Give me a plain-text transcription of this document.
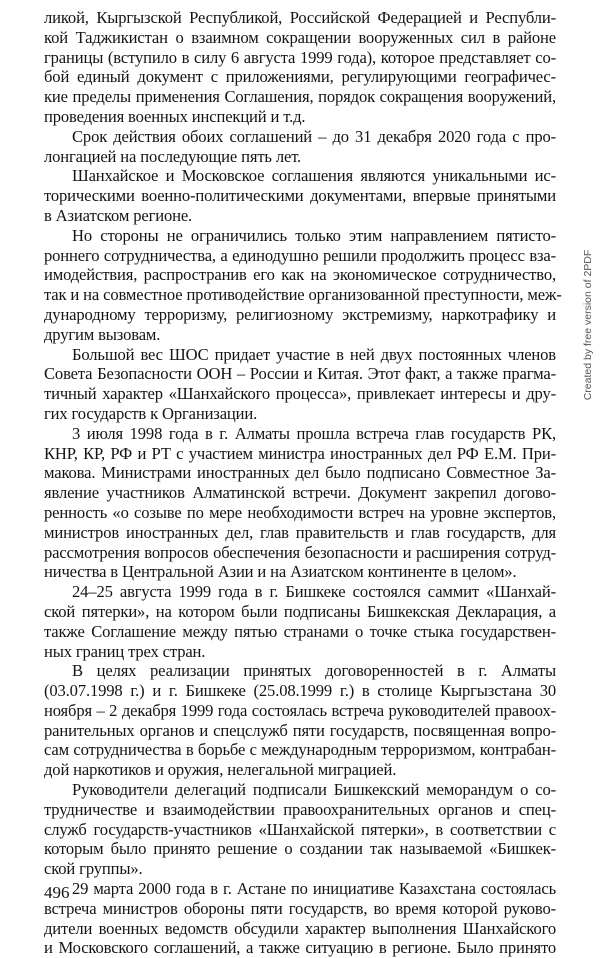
ликой, Кыргызской Республикой, Российской Федерацией и Республи-
кой Таджикистан о взаимном сокращении вооруженных сил в районе
границы (вступило в силу 6 августа 1999 года), которое представляет со-
бой единый документ с приложениями, регулирующими географичес-
кие пределы применения Соглашения, порядок сокращения вооружений,
проведения военных инспекций и т.д.
Срок действия обоих соглашений – до 31 декабря 2020 года с про-
лонгацией на последующие пять лет.
Шанхайское и Московское соглашения являются уникальными ис-
торическими военно-политическими документами, впервые принятыми
в Азиатском регионе.
Но стороны не ограничились только этим направлением пятисто-
роннего сотрудничества, а единодушно решили продолжить процесс вза-
имодействия, распространив его как на экономическое сотрудничество,
так и на совместное противодействие организованной преступности, меж-
дународному терроризму, религиозному экстремизму, наркотрафику и
другим вызовам.
Большой вес ШОС придает участие в ней двух постоянных членов
Совета Безопасности ООН – России и Китая. Этот факт, а также прагма-
тичный характер «Шанхайского процесса», привлекает интересы и дру-
гих государств к Организации.
3 июля 1998 года в г. Алматы прошла встреча глав государств РК,
КНР, КР, РФ и РТ с участием министра иностранных дел РФ Е.М. При-
макова. Министрами иностранных дел было подписано Совместное За-
явление участников Алматинской встречи. Документ закрепил догово-
ренность «о созыве по мере необходимости встреч на уровне экспертов,
министров иностранных дел, глав правительств и глав государств, для
рассмотрения вопросов обеспечения безопасности и расширения сотруд-
ничества в Центральной Азии и на Азиатском континенте в целом».
24–25 августа 1999 года в г. Бишкеке состоялся саммит «Шанхай-
ской пятерки», на котором были подписаны Бишкекская Декларация, а
также Соглашение между пятью странами о точке стыка государствен-
ных границ трех стран.
В целях реализации принятых договоренностей в г. Алматы
(03.07.1998 г.) и г. Бишкеке (25.08.1999 г.) в столице Кыргызстана 30
ноября – 2 декабря 1999 года состоялась встреча руководителей правоох-
ранительных органов и спецслужб пяти государств, посвященная вопро-
сам сотрудничества в борьбе с международным терроризмом, контрабан-
дой наркотиков и оружия, нелегальной миграцией.
Руководители делегаций подписали Бишкекский меморандум о со-
трудничестве и взаимодействии правоохранительных органов и спец-
служб государств-участников «Шанхайской пятерки», в соответствии с
которым было принято решение о создании так называемой «Бишкек-
ской группы».
29 марта 2000 года в г. Астане по инициативе Казахстана состоялась
встреча министров обороны пяти государств, во время которой руково-
дители военных ведомств обсудили характер выполнения Шанхайского
и Московского соглашений, а также ситуацию в регионе. Было принято
496
Created by free version of 2PDF
